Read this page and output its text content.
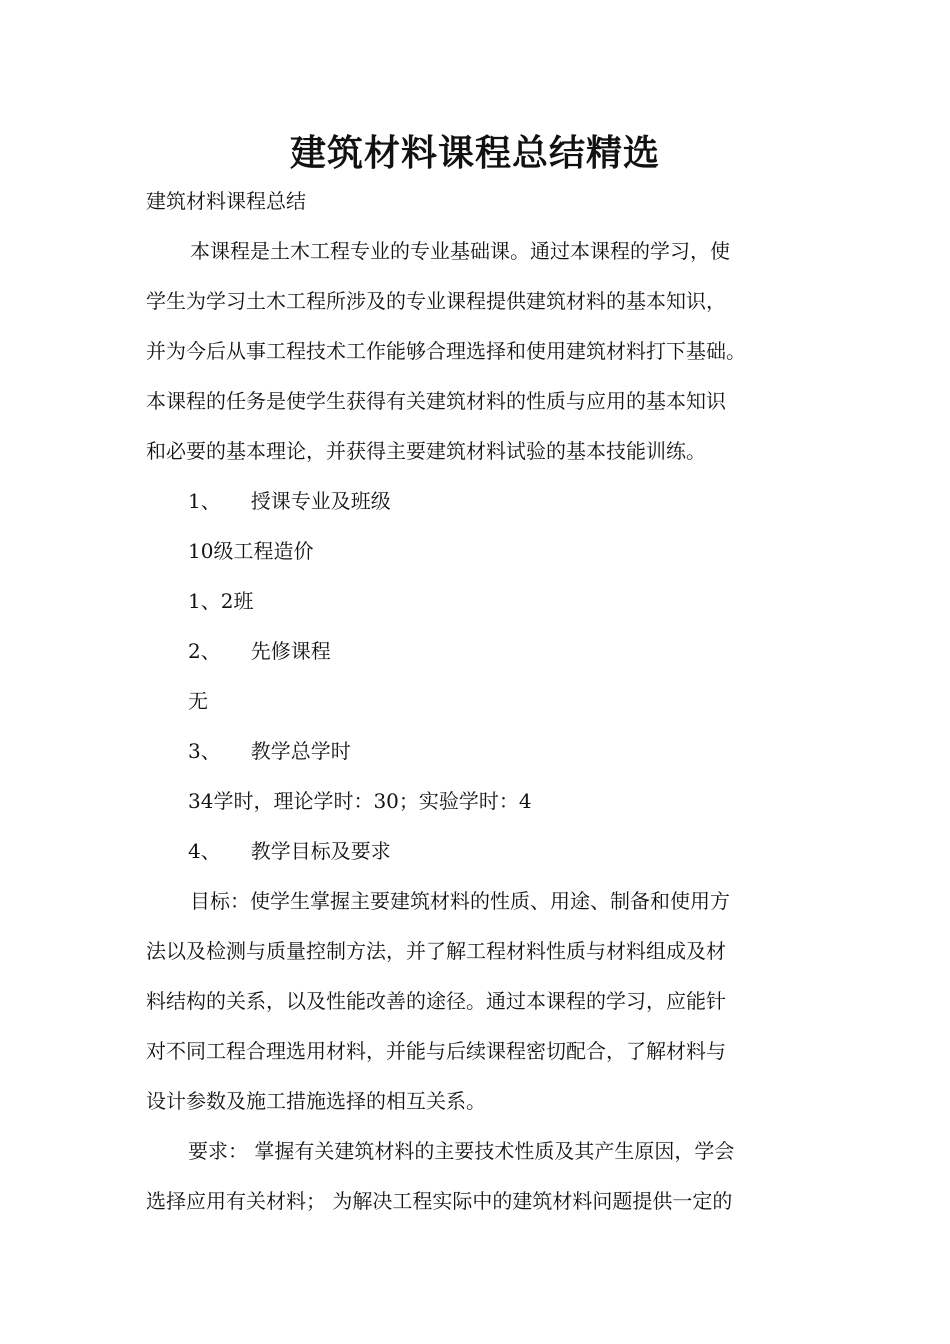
建筑材料课程总结精选
建筑材料课程总结
本课程是土木工程专业的专业基础课。通过本课程的学习，使
学生为学习土木工程所涉及的专业课程提供建筑材料的基本知识，
并为今后从事工程技术工作能够合理选择和使用建筑材料打下基础。
本课程的任务是使学生获得有关建筑材料的性质与应用的基本知识
和必要的基本理论，并获得主要建筑材料试验的基本技能训练。
1、 授课专业及班级
10级工程造价
1、2班
2、 先修课程
无
3、 教学总学时
34学时，理论学时：30；实验学时：4
4、 教学目标及要求
目标：使学生掌握主要建筑材料的性质、用途、制备和使用方
法以及检测与质量控制方法，并了解工程材料性质与材料组成及材
料结构的关系，以及性能改善的途径。通过本课程的学习，应能针
对不同工程合理选用材料，并能与后续课程密切配合，了解材料与
设计参数及施工措施选择的相互关系。
要求： 掌握有关建筑材料的主要技术性质及其产生原因，学会
选择应用有关材料； 为解决工程实际中的建筑材料问题提供一定的
